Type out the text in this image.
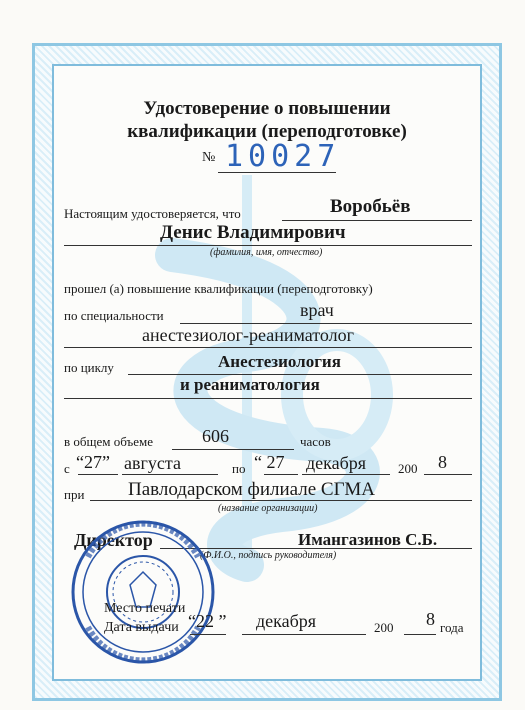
Удостоверение о повышении
квалификации (переподготовке)
№ 10027
Настоящим удостоверяется, что	Воробьёв
Денис Владимирович
(фамилия, имя, отчество)
прошел (а) повышение квалификации (переподготовку)
по специальности	врач
анестезиолог-реаниматолог
по циклу	Анестезиология
и реаниматология
в общем объеме	606	часов
с “27” августа	по “ 27 декабря 200 8
при Павлодарском филиале СГМА
(название организации)
Директор	Имангазинов С.Б.
(Ф.И.О., подпись руководителя)
Место печати
Дата выдачи “22 ” декабря	200 8 года
